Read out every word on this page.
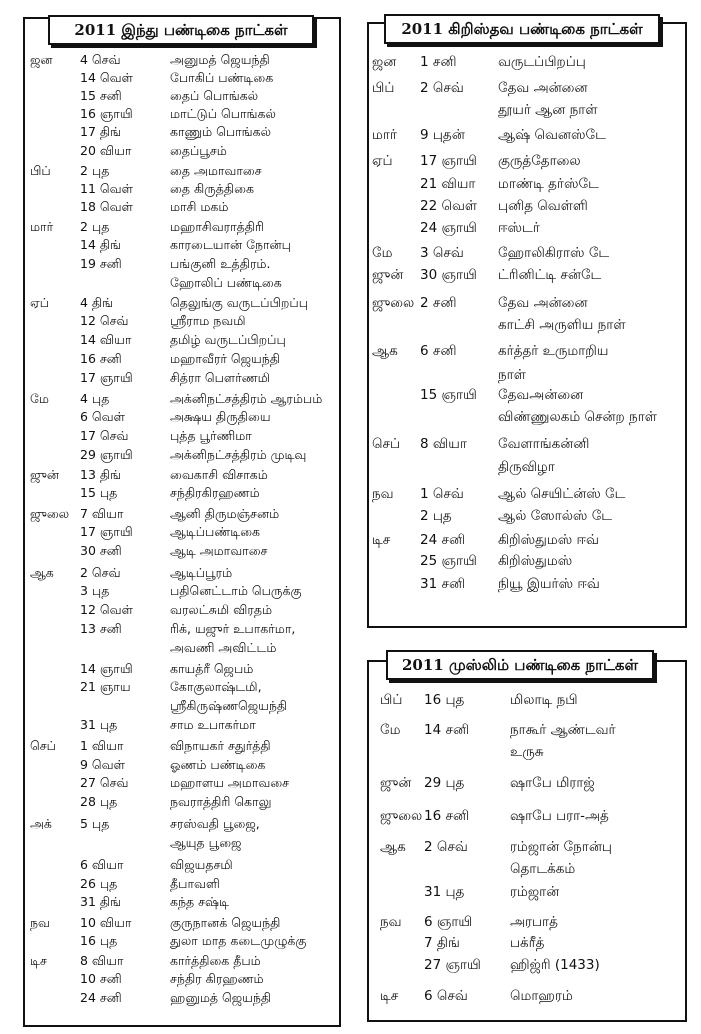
2011 இந்து பண்டிகை நாட்கள்
ஜன 4 செவ்	அனுமத் ஜெயந்தி
14 வெள்	போகிப் பண்டிகை
15 சனி	தைப் பொங்கல்
16 ஞாயி	மாட்டுப் பொங்கல்
17 திங்	காணும் பொங்கல்
20 வியா	தைப்பூசம்
பிப் 2 புத	தை அமாவாசை
11 வெள்	தை கிருத்திகை
18 வெள்	மாசி மகம்
மார் 2 புத	மஹாசிவராத்திரி
14 திங்	காரடையான் நோன்பு
19 சனி	பங்குனி உத்திரம்.
ஹோலிப் பண்டிகை
ஏப் 4 திங்	தெலுங்கு வருடப்பிறப்பு
12 செவ்	ஸ்ரீராம நவமி
14 வியா	தமிழ் வருடப்பிறப்பு
16 சனி	மஹாவீரர் ஜெயந்தி
17 ஞாயி	சித்ரா பௌர்ணமி
மே 4 புத	அக்னிநட்சத்திரம் ஆரம்பம்
6 வெள்	அக்ஷய திருதியை
17 செவ்	புத்த பூர்ணிமா
29 ஞாயி	அக்னிநட்சத்திரம் முடிவு
ஜுன் 13 திங்	வைகாசி விசாகம்
15 புத	சந்திரகிரஹணம்
ஜுலை 7 வியா	ஆனி திருமஞ்சனம்
17 ஞாயி	ஆடிப்பண்டிகை
30 சனி	ஆடி அமாவாசை
ஆக 2 செவ்	ஆடிப்பூரம்
3 புத	பதினெட்டாம் பெருக்கு
12 வெள்	வரலட்சுமி விரதம்
13 சனி	ரிக், யஜுர் உபாகர்மா,
அவணி அவிட்டம்
14 ஞாயி	காயத்ரீ ஜெபம்
21 ஞாய	கோகுலாஷ்டமி,
ஸ்ரீகிருஷ்ணஜெயந்தி
31 புத	சாம உபாகர்மா
செப் 1 வியா	விநாயகர் சதுர்த்தி
9 வெள்	ஓணம் பண்டிகை
27 செவ்	மஹாளய அமாவசை
28 புத	நவராத்திரி கொலு
அக் 5 புத	சரஸ்வதி பூஜை,
ஆயுத பூஜை
6 வியா	விஜயதசமி
26 புத	தீபாவளி
31 திங்	கந்த சஷ்டி
நவ 10 வியா	குருநானக் ஜெயந்தி
16 புத	துலா மாத கடைமுழுக்கு
டிச	8 வியா	கார்த்திகை தீபம்
10 சனி	சந்திர கிரஹணம்
24 சனி	ஹனுமத் ஜெயந்தி
2011 கிறிஸ்தவ பண்டிகை நாட்கள்
ஜன 1 சனி	வருடப்பிறப்பு
பிப் 2 செவ்	தேவ அன்னை
தூயர் ஆன நாள்
மார் 9 புதன் ஆஷ் வெனஸ்டே
ஏப் 17 ஞாயி குருத்தோலை
21 வியா மாண்டி தர்ஸ்டே
22 வெள் புனித வெள்ளி
24 ஞாயி ஈஸ்டர்
மே 3 செவ்	ஹோலிகிராஸ் டே
ஜுன் 30 ஞாயி ட்ரினிட்டி சன்டே
ஜுலை 2 சனி	தேவ அன்னை
காட்சி அருளிய நாள்
ஆக 6 சனி	கர்த்தர் உருமாறிய
நாள்
15 ஞாயி தேவஅன்னை
விண்ணுலகம் சென்ற நாள்
செப் 8 வியா வேளாங்கன்னி
திருவிழா
நவ 1 செவ்	ஆல் செயிட்ன்ஸ் டே
2 புத	ஆல் ஸோல்ஸ் டே
டிச 24 சனி கிறிஸ்துமஸ் ஈவ்
25 ஞாயி கிறிஸ்துமஸ்
31 சனி நியூ இயர்ஸ் ஈவ்
2011 முஸ்லிம் பண்டிகை நாட்கள்
பிப் 16 புத	மிலாடி நபி
மே 14 சனி	நாகூர் ஆண்டவர்
உருசு
ஜுன் 29 புத	ஷாபே மிராஜ்
ஜுலை 16 சனி	ஷாபே பரா-அத்
ஆக 2 செவ்	ரம்ஜான் நோன்பு
தொடக்கம்
31 புத	ரம்ஜான்
நவ 6 ஞாயி	அரபாத்
7 திங்	பக்ரீத்
27 ஞாயி ஹிஜ்ரி (1433)
டிச 6 செவ்	மொஹரம்
